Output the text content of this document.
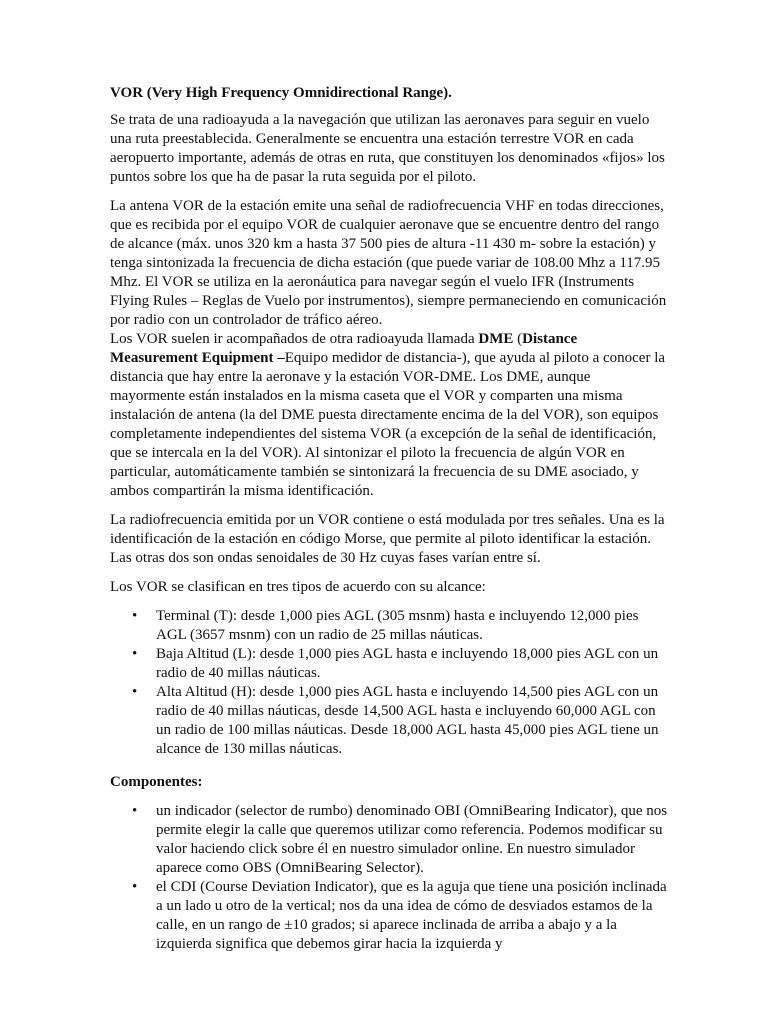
VOR (Very High Frequency Omnidirectional Range).

Se trata de una radioayuda a la navegación que utilizan las aeronaves para seguir en vuelo una ruta preestablecida. Generalmente se encuentra una estación terrestre VOR en cada aeropuerto importante, además de otras en ruta, que constituyen los denominados «fijos» los puntos sobre los que ha de pasar la ruta seguida por el piloto.

La antena VOR de la estación emite una señal de radiofrecuencia VHF en todas direcciones, que es recibida por el equipo VOR de cualquier aeronave que se encuentre dentro del rango de alcance (máx. unos 320 km a hasta 37 500 pies de altura -11 430 m- sobre la estación) y tenga sintonizada la frecuencia de dicha estación (que puede variar de 108.00 Mhz a 117.95 Mhz. El VOR se utiliza en la aeronáutica para navegar según el vuelo IFR (Instruments Flying Rules – Reglas de Vuelo por instrumentos), siempre permaneciendo en comunicación por radio con un controlador de tráfico aéreo.

Los VOR suelen ir acompañados de otra radioayuda llamada DME (Distance Measurement Equipment –Equipo medidor de distancia-), que ayuda al piloto a conocer la distancia que hay entre la aeronave y la estación VOR-DME. Los DME, aunque mayormente están instalados en la misma caseta que el VOR y comparten una misma instalación de antena (la del DME puesta directamente encima de la del VOR), son equipos completamente independientes del sistema VOR (a excepción de la señal de identificación, que se intercala en la del VOR). Al sintonizar el piloto la frecuencia de algún VOR en particular, automáticamente también se sintonizará la frecuencia de su DME asociado, y ambos compartirán la misma identificación.

La radiofrecuencia emitida por un VOR contiene o está modulada por tres señales. Una es la identificación de la estación en código Morse, que permite al piloto identificar la estación. Las otras dos son ondas senoidales de 30 Hz cuyas fases varían entre sí.

Los VOR se clasifican en tres tipos de acuerdo con su alcance:

• Terminal (T): desde 1,000 pies AGL (305 msnm) hasta e incluyendo 12,000 pies AGL (3657 msnm) con un radio de 25 millas náuticas.
• Baja Altitud (L): desde 1,000 pies AGL hasta e incluyendo 18,000 pies AGL con un radio de 40 millas náuticas.
• Alta Altitud (H): desde 1,000 pies AGL hasta e incluyendo 14,500 pies AGL con un radio de 40 millas náuticas, desde 14,500 AGL hasta e incluyendo 60,000 AGL con un radio de 100 millas náuticas. Desde 18,000 AGL hasta 45,000 pies AGL tiene un alcance de 130 millas náuticas.

Componentes:

• un indicador (selector de rumbo) denominado OBI (OmniBearing Indicator), que nos permite elegir la calle que queremos utilizar como referencia. Podemos modificar su valor haciendo click sobre él en nuestro simulador online. En nuestro simulador aparece como OBS (OmniBearing Selector).
• el CDI (Course Deviation Indicator), que es la aguja que tiene una posición inclinada a un lado u otro de la vertical; nos da una idea de cómo de desviados estamos de la calle, en un rango de ±10 grados; si aparece inclinada de arriba a abajo y a la izquierda significa que debemos girar hacia la izquierda y
